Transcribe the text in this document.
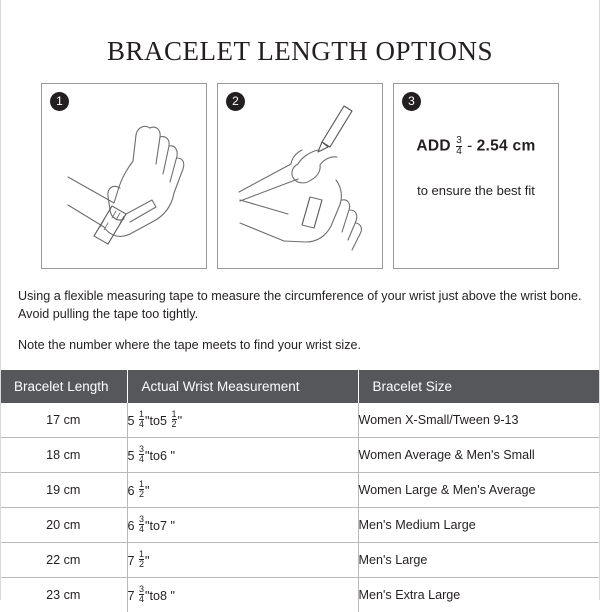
BRACELET LENGTH OPTIONS
1	2	3
ADD $\frac{3}{4} - 2.54$ cm
to ensure the best fit

Using a flexible measuring tape to measure the circumference of your wrist just above the wrist bone. Avoid pulling the tape too tightly.

Note the number where the tape meets to find your wrist size.

Bracelet Length	Actual Wrist Measurement	Bracelet Size
17 cm	$5 \frac{1}{4}$ "$to5 \frac{1}{2}$ "	Women X-Small/Tween 9-13
18 cm	$5 \frac{3}{4}$ "to6 "	Women Average & Men's Small
19 cm	$6 \frac{1}{2}$ "	Women Large & Men's Average
20 cm	$6 \frac{3}{4}$ "to7 "	Men's Medium Large
22 cm	$7 \frac{1}{2}$ "	Men's Large
23 cm	$7 \frac{3}{4}$ "to8 "	Men's Extra Large
